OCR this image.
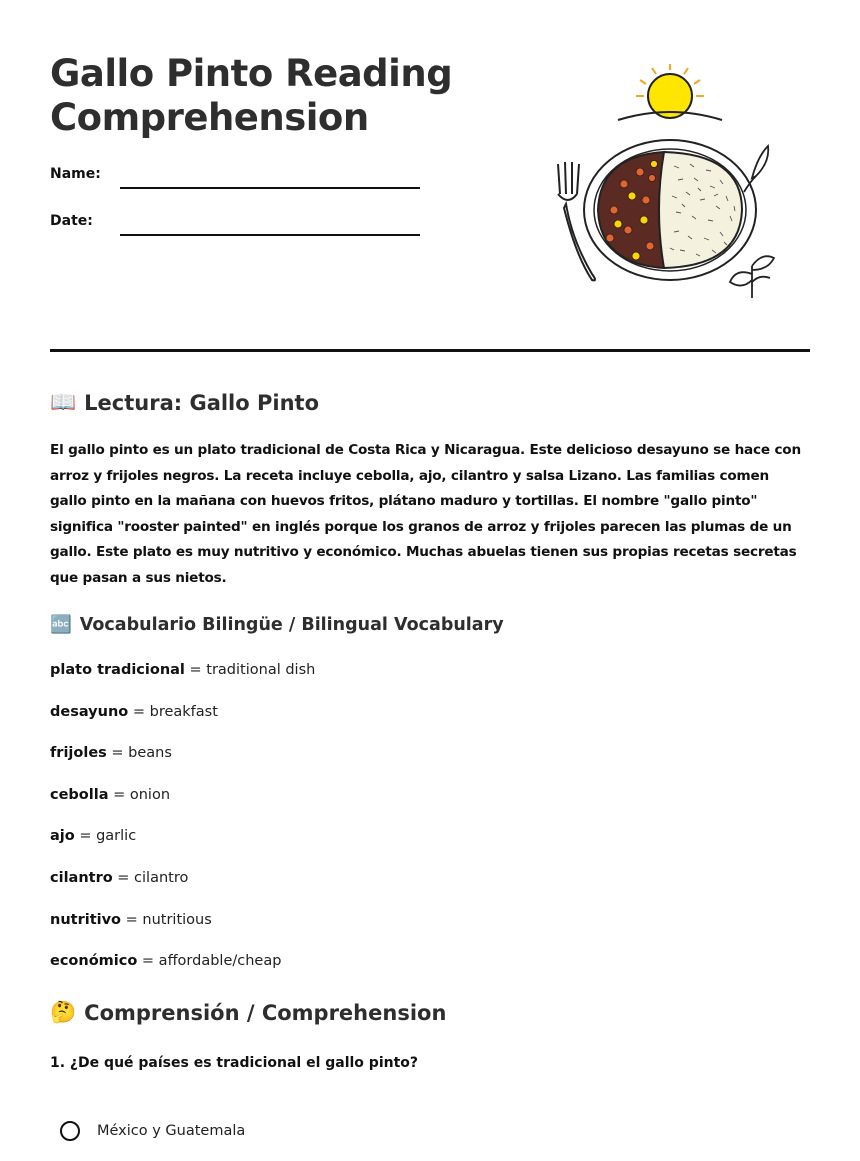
Gallo Pinto Reading Comprehension
Name:
Date:
📖 Lectura: Gallo Pinto

El gallo pinto es un plato tradicional de Costa Rica y Nicaragua. Este delicioso desayuno se hace con arroz y frijoles negros. La receta incluye cebolla, ajo, cilantro y salsa Lizano. Las familias comen gallo pinto en la mañana con huevos fritos, plátano maduro y tortillas. El nombre "gallo pinto" significa "rooster painted" en inglés porque los granos de arroz y frijoles parecen las plumas de un gallo. Este plato es muy nutritivo y económico. Muchas abuelas tienen sus propias recetas secretas que pasan a sus nietos.

🔤 Vocabulario Bilingüe / Bilingual Vocabulary
plato tradicional = traditional dish
desayuno = breakfast
frijoles = beans
cebolla = onion
ajo = garlic
cilantro = cilantro
nutritivo = nutritious
económico = affordable/cheap
🤔 Comprensión / Comprehension

1. ¿De qué países es tradicional el gallo pinto?

México y Guatemala
